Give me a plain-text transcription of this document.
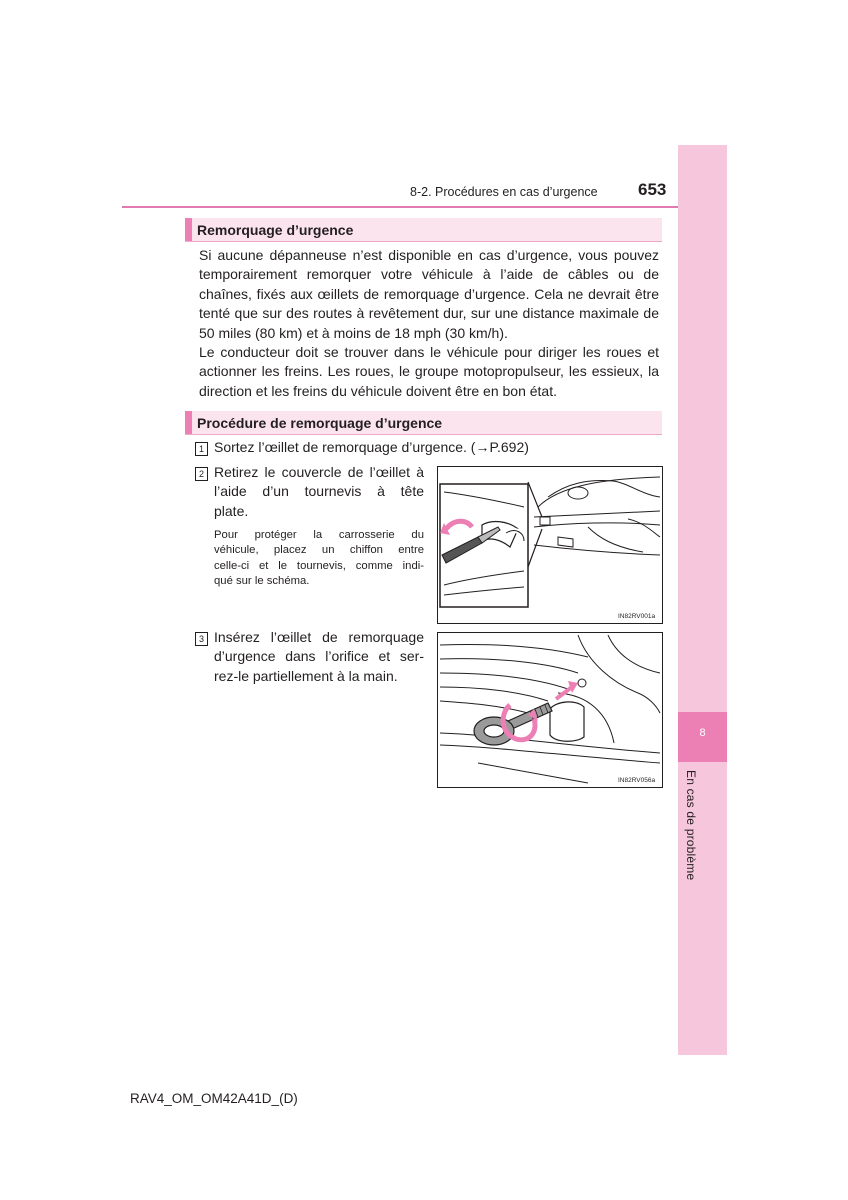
8-2. Procédures en cas d’urgence 653
8
En cas de problème
Remorquage d’urgence

Si aucune dépanneuse n’est disponible en cas d’urgence, vous pouvez temporairement remorquer votre véhicule à l’aide de câbles ou de chaînes, fixés aux œillets de remorquage d’urgence. Cela ne devrait être tenté que sur des routes à revêtement dur, sur une distance maximale de 50 miles (80 km) et à moins de 18 mph (30 km/h).

Le conducteur doit se trouver dans le véhicule pour diriger les roues et actionner les freins. Les roues, le groupe motopropulseur, les essieux, la direction et les freins du véhicule doivent être en bon état.

Procédure de remorquage d’urgence
1 Sortez l’œillet de remorquage d’urgence. (→P.692)
2 Retirez le couvercle de l’œillet à
l’aide d’un tournevis à tête
plate.
Pour protéger la carrosserie du
véhicule, placez un chiffon entre
celle-ci et le tournevis, comme indi-
qué sur le schéma.
IN82RV001a
3 Insérez l’œillet de remorquage
d’urgence dans l’orifice et ser-
rez-le partiellement à la main.
IN82RV056a
RAV4_OM_OM42A41D_(D)
